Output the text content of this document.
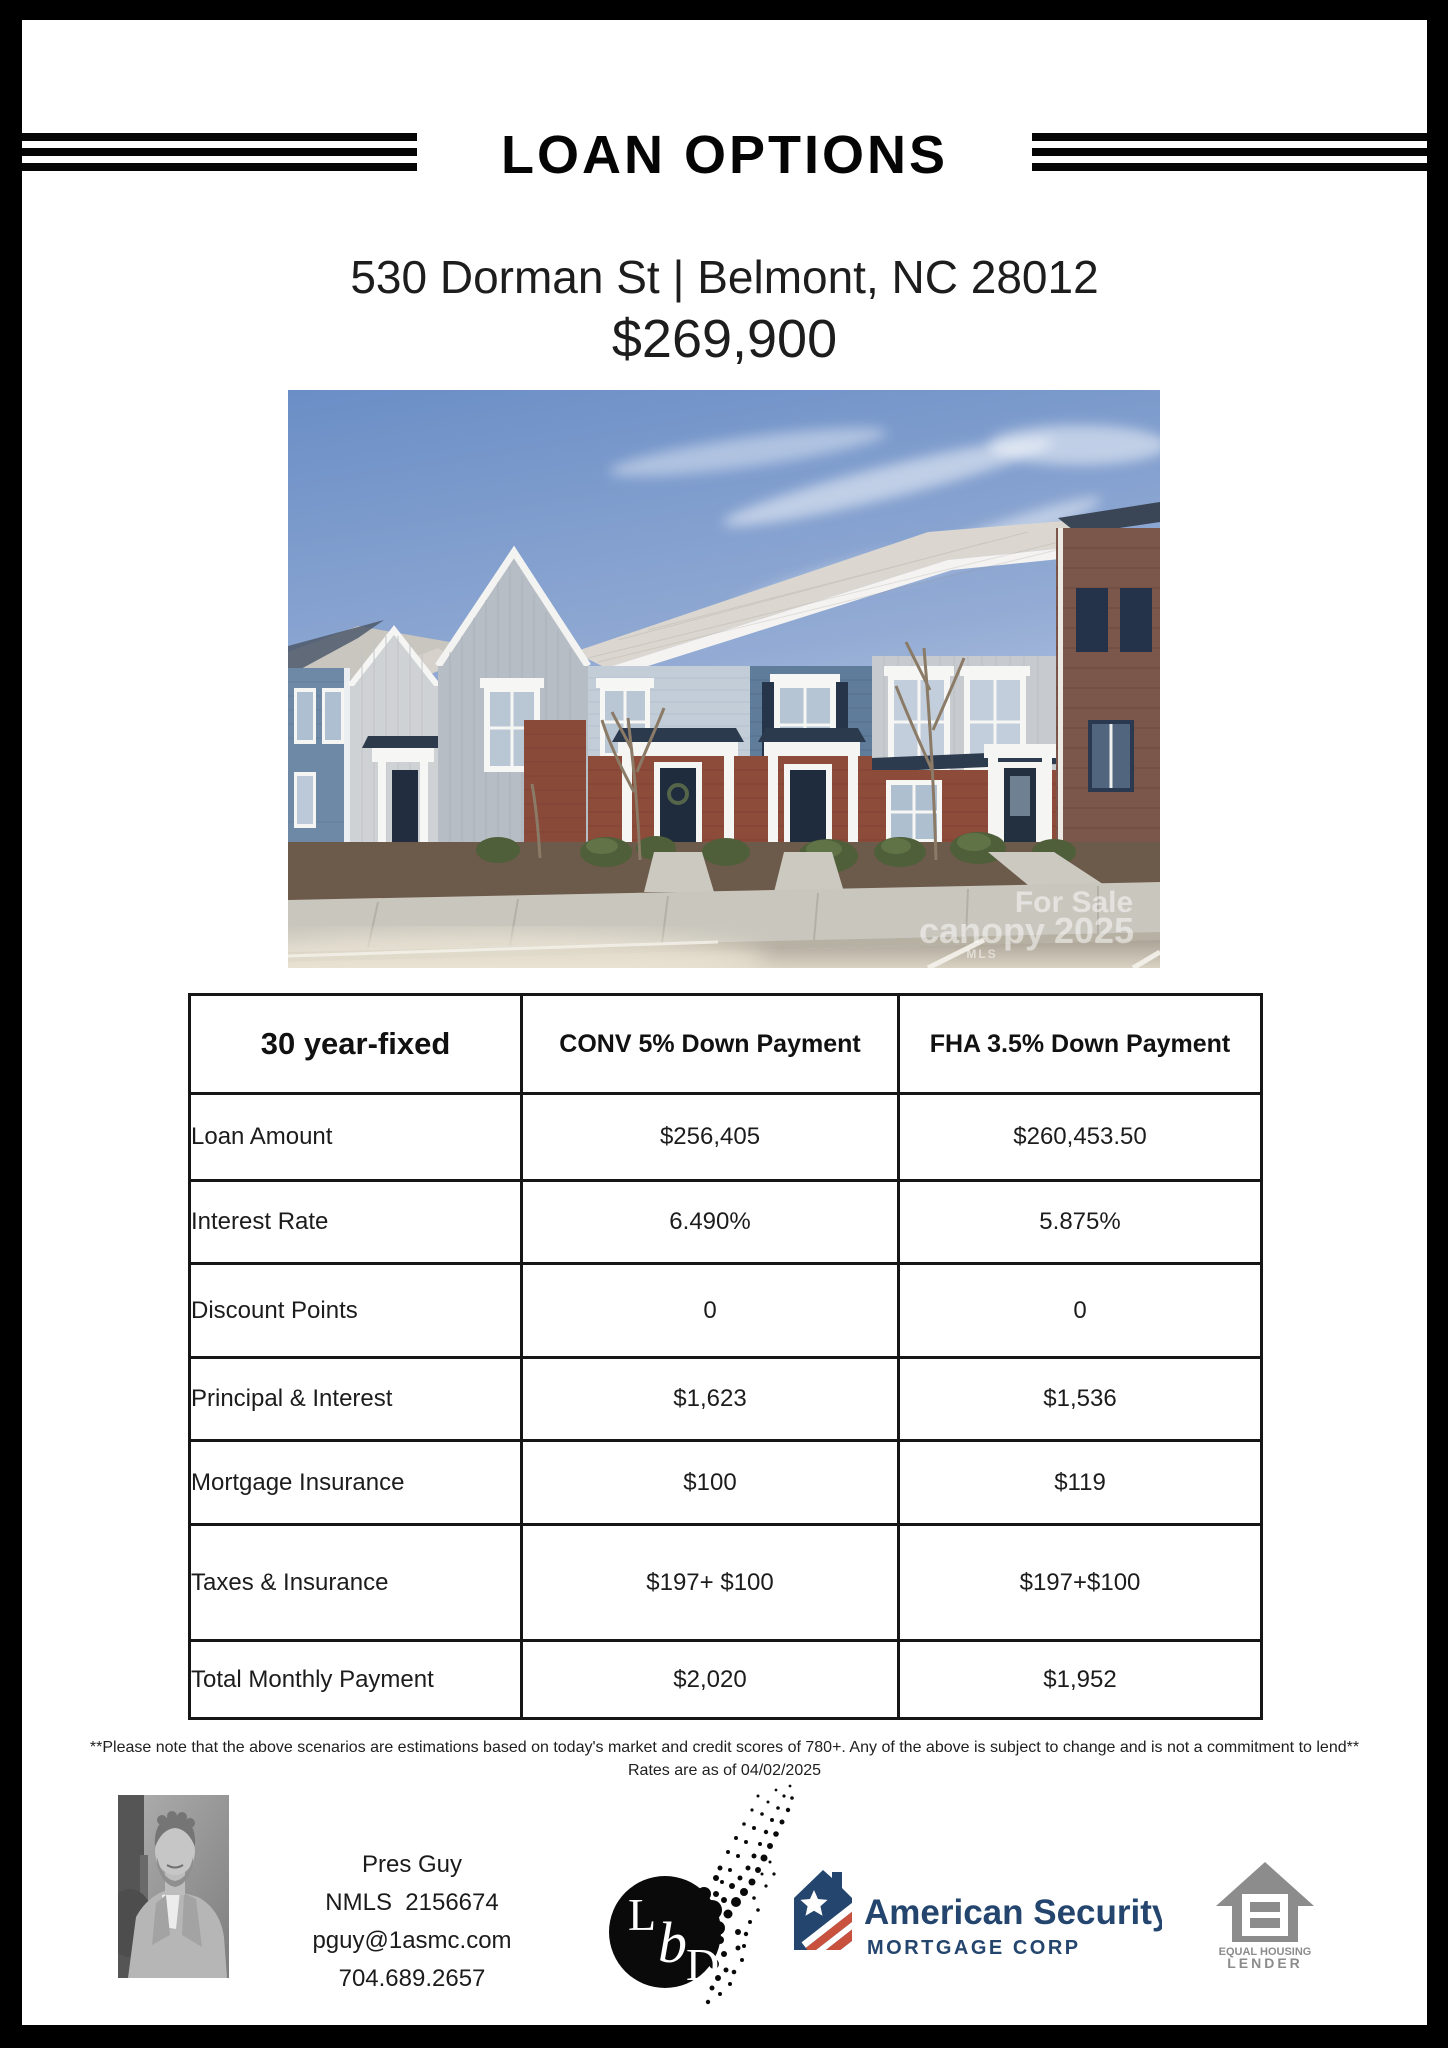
LOAN OPTIONS
530 Dorman St | Belmont, NC 28012
$269,900
For Sale
canopy 2025
MLS
30 year-fixed	CONV 5% Down Payment	FHA 3.5% Down Payment
Loan Amount	$256,405	$260,453.50
Interest Rate	6.490%	5.875%
Discount Points	0	0
Principal & Interest	$1,623	$1,536
Mortgage Insurance	$100	$119
Taxes & Insurance	$197+ $100	$197+$100
Total Monthly Payment	$2,020	$1,952
**Please note that the above scenarios are estimations based on today's market and credit scores of 780+. Any of the above is subject to change and is not a commitment to lend**
Rates are as of 04/02/2025
Pres Guy
NMLS  2156674
pguy@1asmc.com
704.689.2657
L b D
American Security
MORTGAGE CORP	EQUAL HOUSING
LENDER
